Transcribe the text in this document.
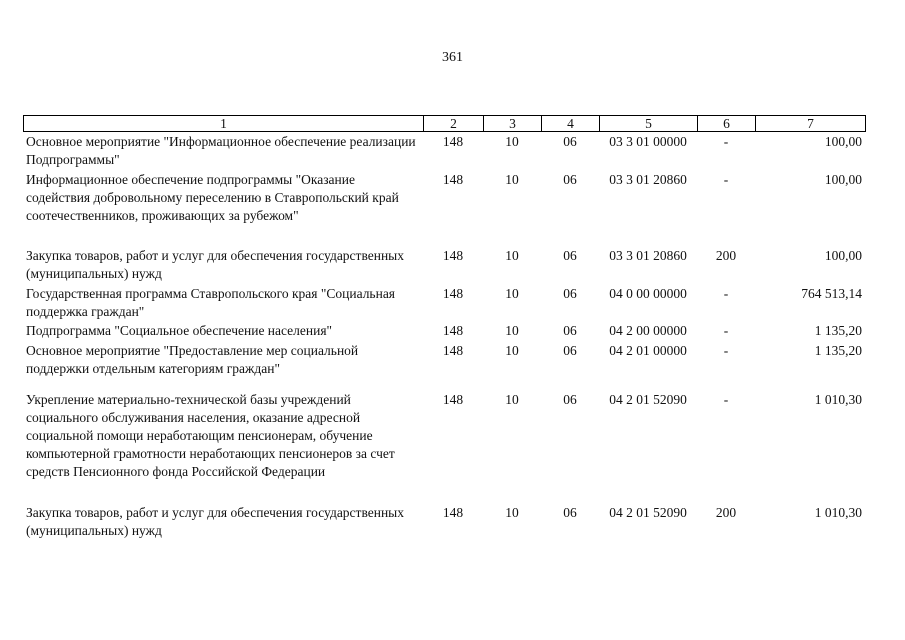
361
1	2	3	4	5	6	7
Основное мероприятие "Информационное обеспечение реализации Подпрограммы"
148	10	06	03 3 01 00000	-	100,00
Информационное обеспечение подпрограммы "Оказание содействия добровольному переселению в Ставропольский край соотечественников, проживающих за рубежом"
148	10	06	03 3 01 20860	-	100,00
Закупка товаров, работ и услуг для обеспечения государственных (муниципальных) нужд
148	10	06	03 3 01 20860	200	100,00
Государственная программа Ставропольского края "Социальная поддержка граждан"
148	10	06	04 0 00 00000	-	764 513,14
Подпрограмма "Социальное обеспечение населения"	148	10	06	04 2 00 00000	-	1 135,20
Основное мероприятие "Предоставление мер социальной поддержки отдельным категориям граждан"
148	10	06	04 2 01 00000	-	1 135,20
Укрепление материально-технической базы учреждений социального обслуживания населения, оказание адресной социальной помощи неработающим пенсионерам, обучение компьютерной грамотности неработающих пенсионеров за счет средств Пенсионного фонда Российской Федерации
148	10	06	04 2 01 52090	-	1 010,30
Закупка товаров, работ и услуг для обеспечения государственных (муниципальных) нужд
148	10	06	04 2 01 52090	200	1 010,30
